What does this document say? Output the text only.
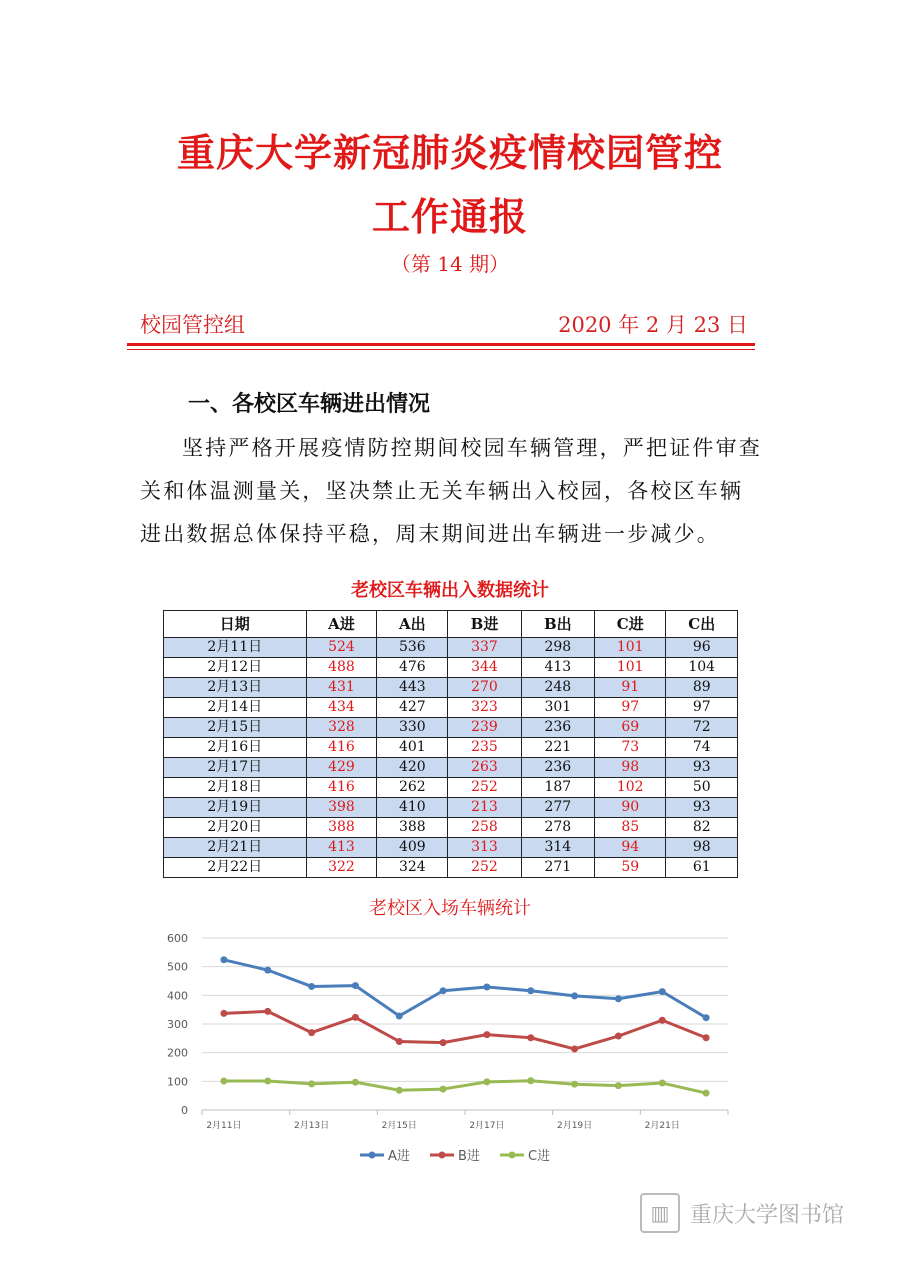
重庆大学新冠肺炎疫情校园管控
工作通报
（第 14 期）
校园管控组	2020 年 2 月 23 日
一、各校区车辆进出情况
坚持严格开展疫情防控期间校园车辆管理，严把证件审查关和体温测量关，坚决禁止无关车辆出入校园，各校区车辆进出数据总体保持平稳，周末期间进出车辆进一步减少。
老校区车辆出入数据统计
日期	A进	A出	B进	B出	C进	C出
2月11日	524	536	337	298	101	96
2月12日	488	476	344	413	101	104
2月13日	431	443	270	248	91	89
2月14日	434	427	323	301	97	97
2月15日	328	330	239	236	69	72
2月16日	416	401	235	221	73	74
2月17日	429	420	263	236	98	93
2月18日	416	262	252	187	102	50
2月19日	398	410	213	277	90	93
2月20日	388	388	258	278	85	82
2月21日	413	409	313	314	94	98
2月22日	322	324	252	271	59	61
老校区入场车辆统计
0
100
200
300
400
500
600
2月11日	2月13日	2月15日	2月17日	2月19日	2月21日
A进	B进	C进
▥ 重庆大学图书馆
